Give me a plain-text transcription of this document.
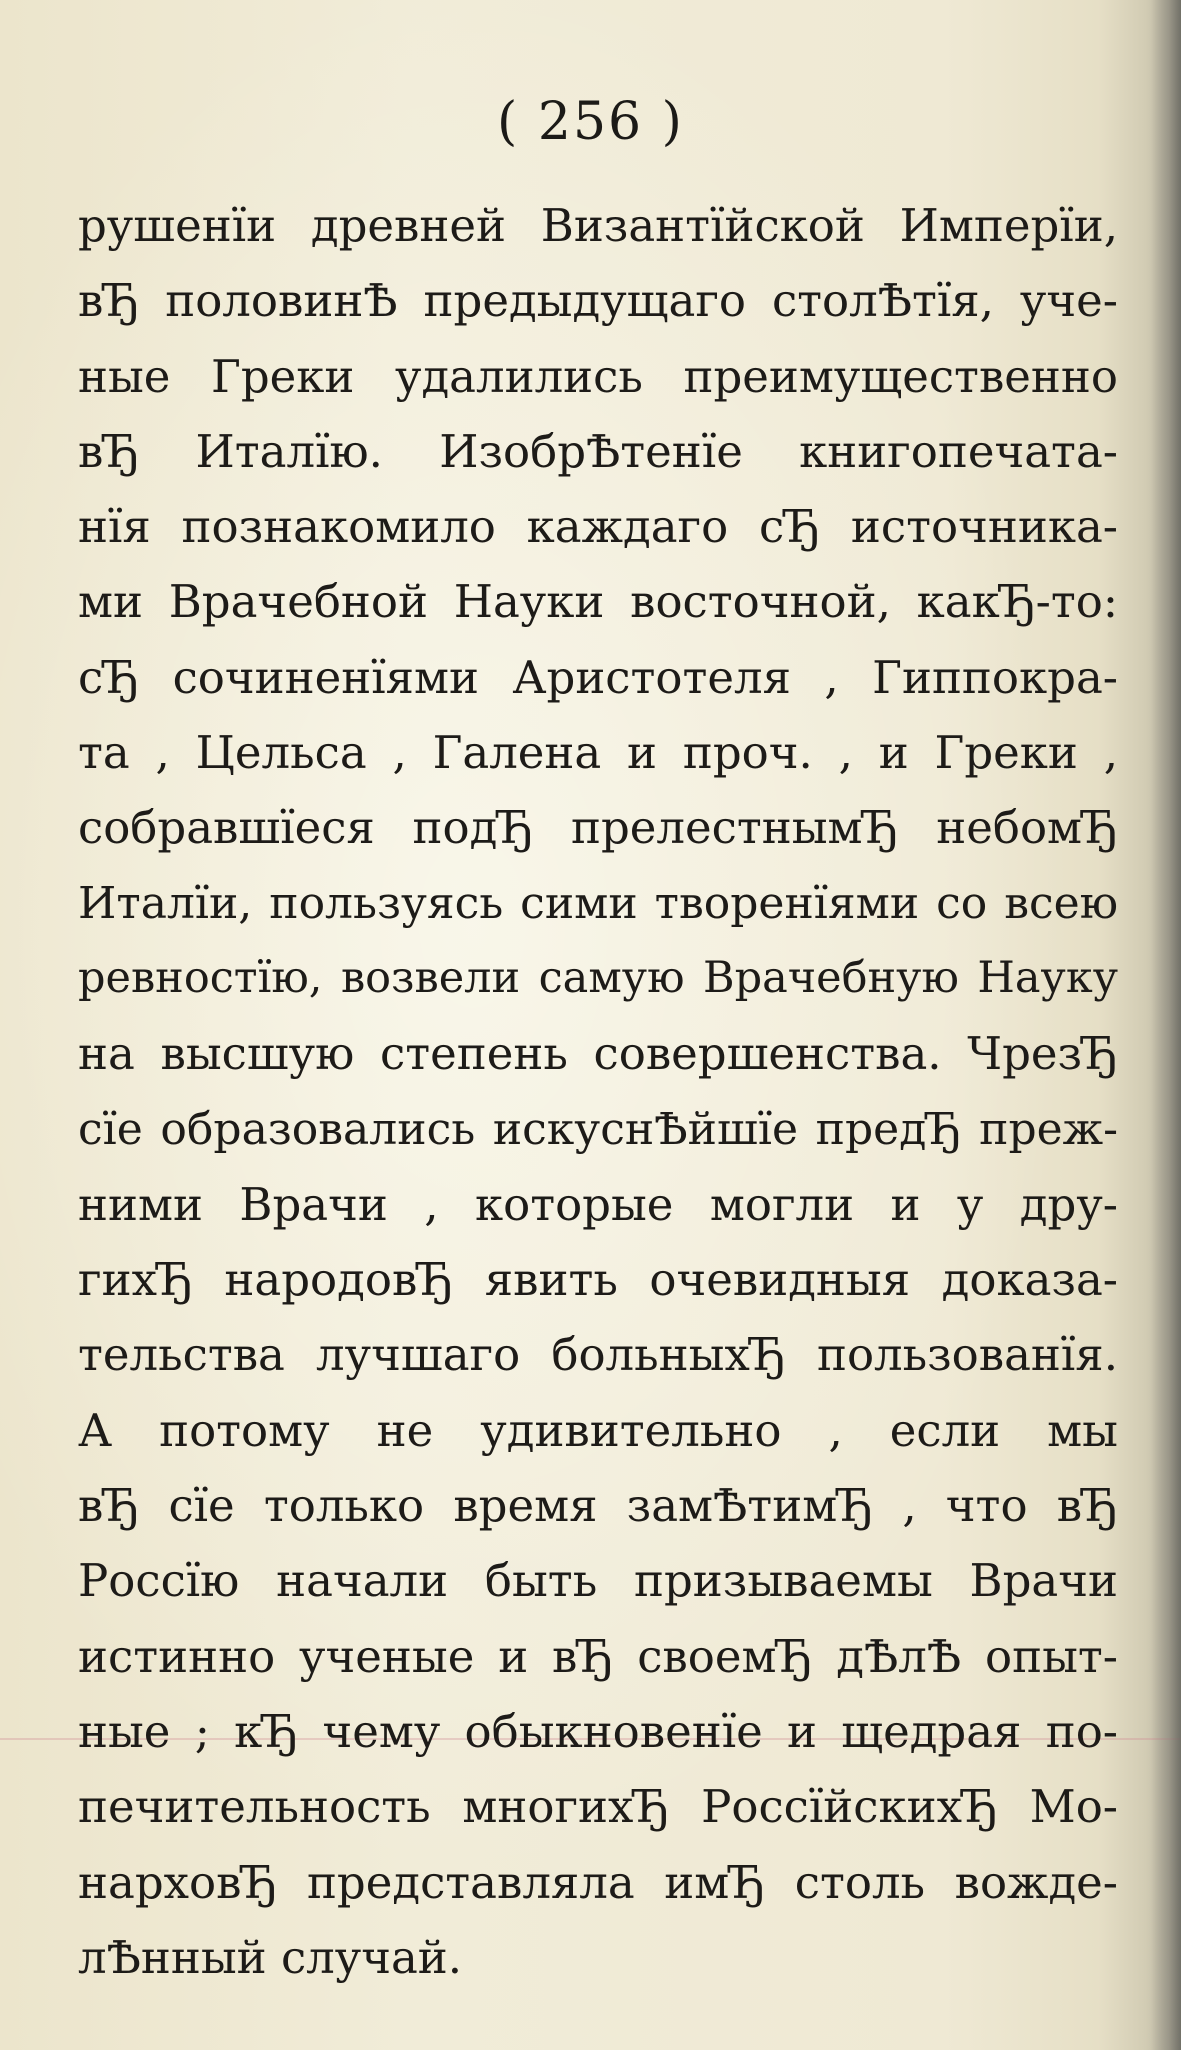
( 256 )
рушенїи древней Византїйской Имперїи,
вЂ половинѢ предыдущаго столѢтїя, уче-
ные Греки удалились преимущественно
вЂ Италїю. ИзобрѢтенїе книгопечата-
нїя познакомило каждаго сЂ источника-
ми Врачебной Науки восточной, какЂ-то:
сЂ сочиненїями Аристотеля , Гиппокра-
та , Цельса , Галена и проч. , и Греки ,
собравшїеся подЂ прелестнымЂ небомЂ
Италїи, пользуясь сими творенїями со всею
ревностїю, возвели самую Врачебную Науку
на высшую степень совершенства. ЧрезЂ
сїе образовались искуснѢйшїе предЂ преж-
ними Врачи , которые могли и у дру-
гихЂ народовЂ явить очевидныя доказа-
тельства лучшаго больныхЂ пользованїя.
А потому не удивительно , если мы
вЂ сїе только время замѢтимЂ , что вЂ
Россїю начали быть призываемы Врачи
истинно ученые и вЂ своемЂ дѢлѢ опыт-
ные ; кЂ чему обыкновенїе и щедрая по-
печительность многихЂ РоссїйскихЂ Мо-
нарховЂ представляла имЂ столь вожде-
лѢнный случай.
